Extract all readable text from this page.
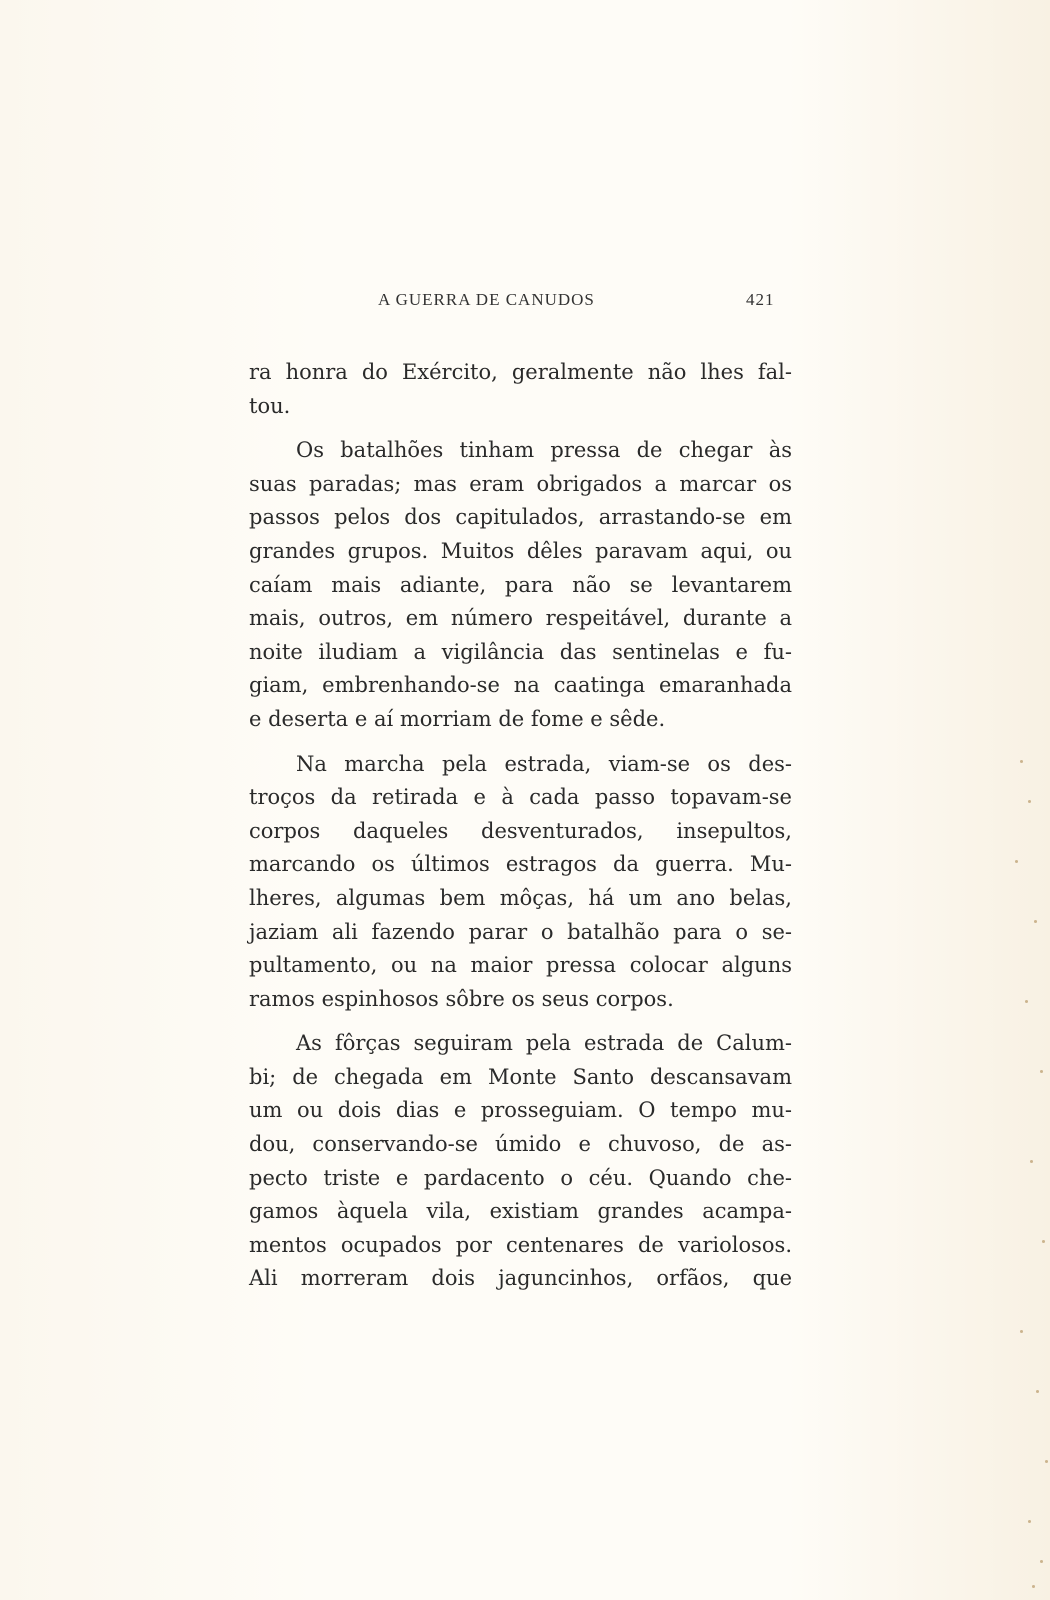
A GUERRA DE CANUDOS	421
ra honra do Exército, geralmente não lhes fal-
tou.
Os batalhões tinham pressa de chegar às
suas paradas; mas eram obrigados a marcar os
passos pelos dos capitulados, arrastando-se em
grandes grupos. Muitos dêles paravam aqui, ou
caíam mais adiante, para não se levantarem
mais, outros, em número respeitável, durante a
noite iludiam a vigilância das sentinelas e fu-
giam, embrenhando-se na caatinga emaranhada
e deserta e aí morriam de fome e sêde.
Na marcha pela estrada, viam-se os des-
troços da retirada e à cada passo topavam-se
corpos daqueles desventurados, insepultos,
marcando os últimos estragos da guerra. Mu-
lheres, algumas bem môças, há um ano belas,
jaziam ali fazendo parar o batalhão para o se-
pultamento, ou na maior pressa colocar alguns
ramos espinhosos sôbre os seus corpos.
As fôrças seguiram pela estrada de Calum-
bi; de chegada em Monte Santo descansavam
um ou dois dias e prosseguiam. O tempo mu-
dou, conservando-se úmido e chuvoso, de as-
pecto triste e pardacento o céu. Quando che-
gamos àquela vila, existiam grandes acampa-
mentos ocupados por centenares de variolosos.
Ali morreram dois jaguncinhos, orfãos, que
